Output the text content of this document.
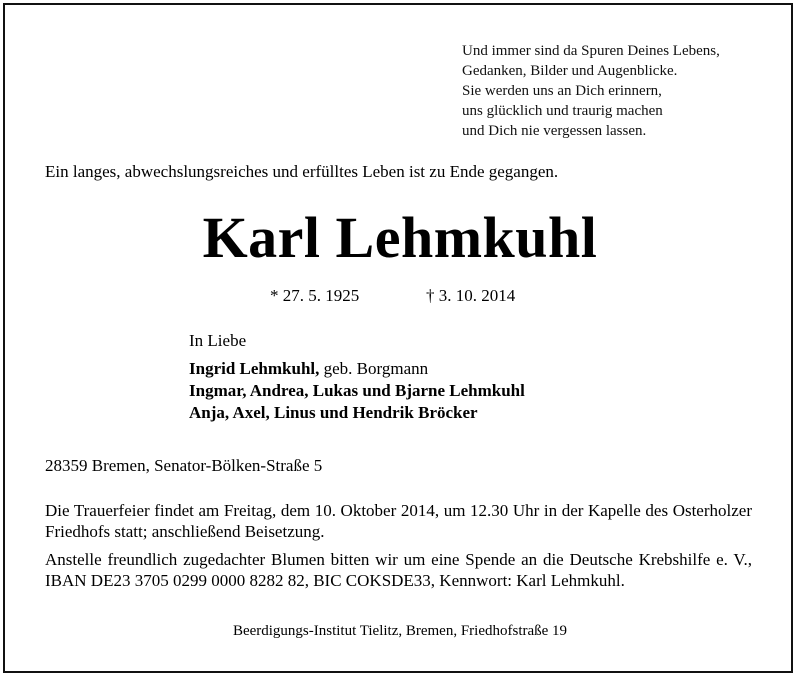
Und immer sind da Spuren Deines Lebens,
Gedanken, Bilder und Augenblicke.
Sie werden uns an Dich erinnern,
uns glücklich und traurig machen
und Dich nie vergessen lassen.
Ein langes, abwechslungsreiches und erfülltes Leben ist zu Ende gegangen.
Karl Lehmkuhl
* 27. 5. 1925	† 3. 10. 2014
In Liebe
Ingrid Lehmkuhl, geb. Borgmann
Ingmar, Andrea, Lukas und Bjarne Lehmkuhl
Anja, Axel, Linus und Hendrik Bröcker
28359 Bremen, Senator-Bölken-Straße 5
Die Trauerfeier findet am Freitag, dem 10. Oktober 2014, um 12.30 Uhr in der Kapelle des Osterholzer Friedhofs statt; anschließend Beisetzung.
Anstelle freundlich zugedachter Blumen bitten wir um eine Spende an die Deutsche Krebshilfe e. V., IBAN DE23 3705 0299 0000 8282 82, BIC COKSDE33, Kennwort: Karl Lehmkuhl.
Beerdigungs-Institut Tielitz, Bremen, Friedhofstraße 19
